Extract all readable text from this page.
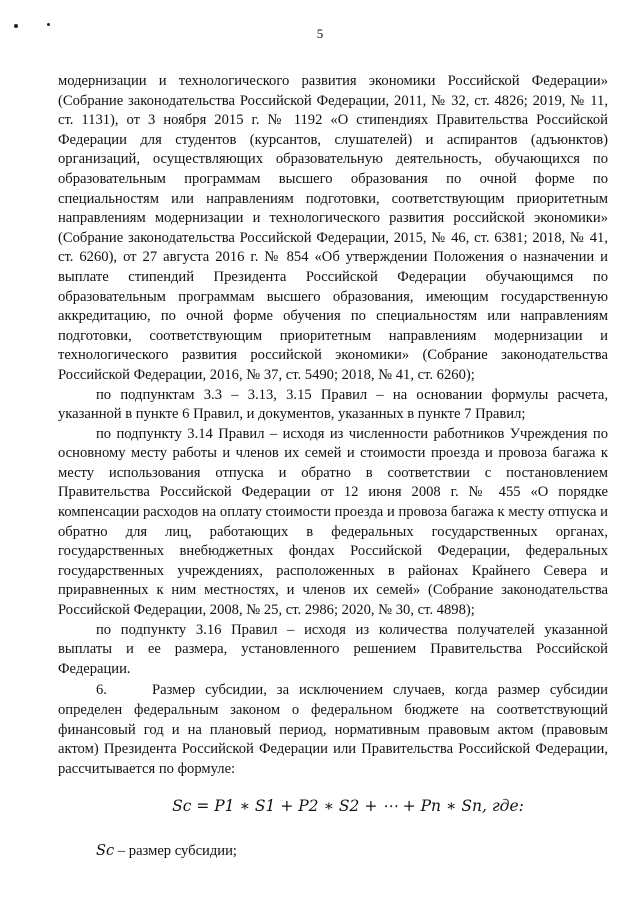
5

модернизации и технологического развития экономики Российской Федерации» (Собрание законодательства Российской Федерации, 2011, № 32, ст. 4826; 2019, № 11, ст. 1131), от 3 ноября 2015 г. № 1192 «О стипендиях Правительства Российской Федерации для студентов (курсантов, слушателей) и аспирантов (адъюнктов) организаций, осуществляющих образовательную деятельность, обучающихся по образовательным программам высшего образования по очной форме по специальностям или направлениям подготовки, соответствующим приоритетным направлениям модернизации и технологического развития российской экономики» (Собрание законодательства Российской Федерации, 2015, № 46, ст. 6381; 2018, № 41, ст. 6260), от 27 августа 2016 г. № 854 «Об утверждении Положения о назначении и выплате стипендий Президента Российской Федерации обучающимся по образовательным программам высшего образования, имеющим государственную аккредитацию, по очной форме обучения по специальностям или направлениям подготовки, соответствующим приоритетным направлениям модернизации и технологического развития российской экономики» (Собрание законодательства Российской Федерации, 2016, № 37, ст. 5490; 2018, № 41, ст. 6260);

по подпунктам 3.3 – 3.13, 3.15 Правил – на основании формулы расчета, указанной в пункте 6 Правил, и документов, указанных в пункте 7 Правил;

по подпункту 3.14 Правил – исходя из численности работников Учреждения по основному месту работы и членов их семей и стоимости проезда и провоза багажа к месту использования отпуска и обратно в соответствии с постановлением Правительства Российской Федерации от 12 июня 2008 г. № 455 «О порядке компенсации расходов на оплату стоимости проезда и провоза багажа к месту отпуска и обратно для лиц, работающих в федеральных государственных органах, государственных внебюджетных фондах Российской Федерации, федеральных государственных учреждениях, расположенных в районах Крайнего Севера и приравненных к ним местностях, и членов их семей» (Собрание законодательства Российской Федерации, 2008, № 25, ст. 2986; 2020, № 30, ст. 4898);

по подпункту 3.16 Правил – исходя из количества получателей указанной выплаты и ее размера, установленного решением Правительства Российской Федерации.

6.	Размер субсидии, за исключением случаев, когда размер субсидии определен федеральным законом о федеральном бюджете на соответствующий финансовый год и на плановый период, нормативным правовым актом (правовым актом) Президента Российской Федерации или Правительства Российской Федерации, рассчитывается по формуле:

Sc = P1 ∗ S1 + P2 ∗ S2 + ⋯ + Pn ∗ Sn, где:

Sc – размер субсидии;
